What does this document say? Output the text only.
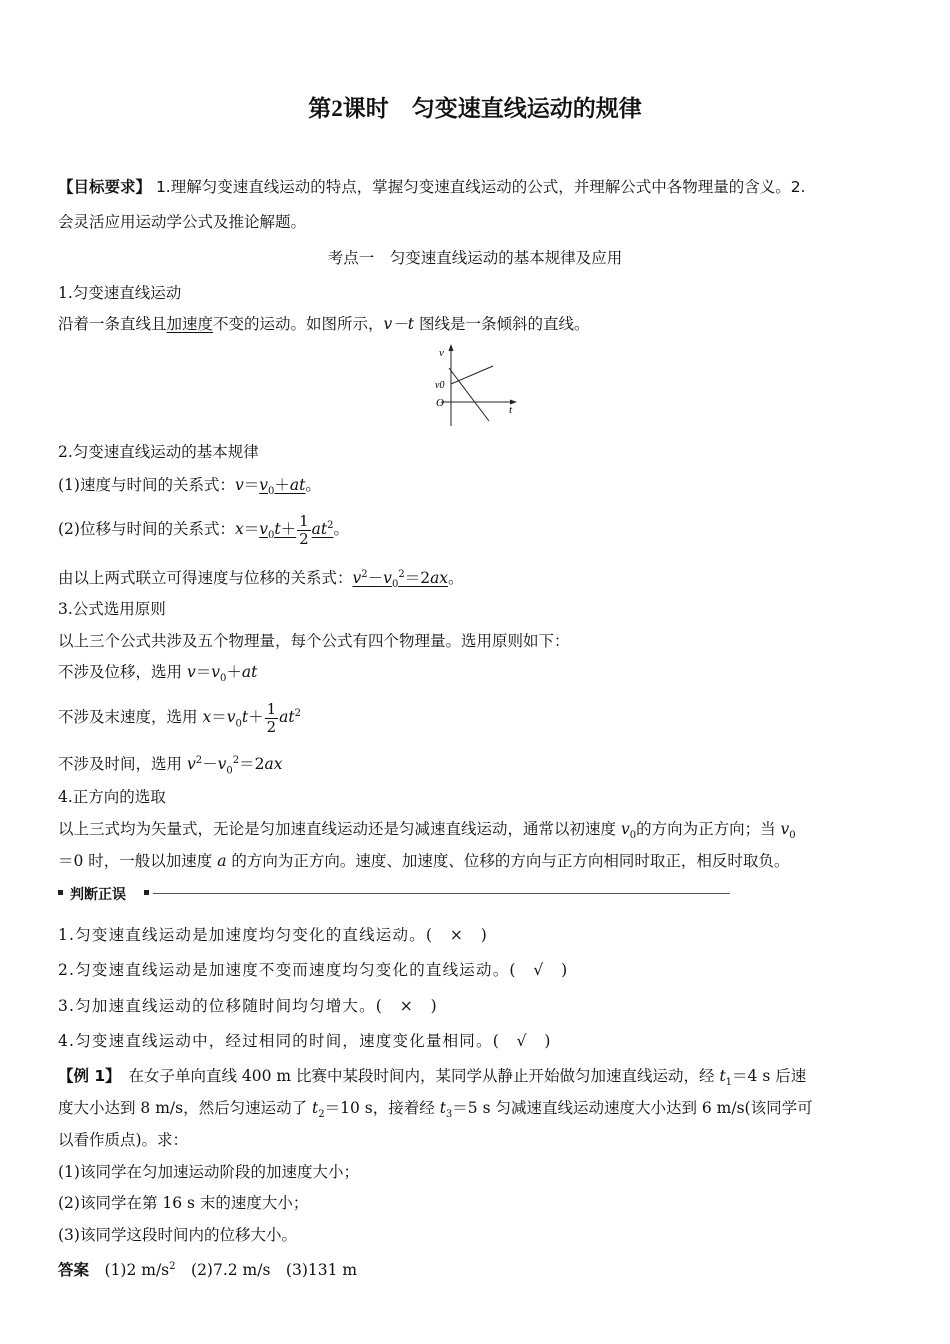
第2课时　匀变速直线运动的规律
【目标要求】 1.理解匀变速直线运动的特点，掌握匀变速直线运动的公式，并理解公式中各物理量的含义。2.
会灵活应用运动学公式及推论解题。
考点一　匀变速直线运动的基本规律及应用
1.匀变速直线运动
沿着一条直线且加速度不变的运动。如图所示，v－t 图线是一条倾斜的直线。
v
v0
O
t
2.匀变速直线运动的基本规律
(1)速度与时间的关系式：$v=v_0+at$。
(2)位移与时间的关系式：$x=v_0t+ \frac{1}{2} at^2$。
由以上两式联立可得速度与位移的关系式：$v^2-v_0^2=2ax$。
3.公式选用原则
以上三个公式共涉及五个物理量，每个公式有四个物理量。选用原则如下：
不涉及位移，选用 $v=v_0+at$
不涉及末速度，选用 $x=v_0t+ \frac{1}{2} at^2$
不涉及时间，选用 $v^2-v_0^2=2ax$
4.正方向的选取
以上三式均为矢量式，无论是匀加速直线运动还是匀减速直线运动，通常以初速度 $v_0$的方向为正方向；当 $v_0$
＝0 时，一般以加速度 a 的方向为正方向。速度、加速度、位移的方向与正方向相同时取正，相反时取负。
判断正误
1.匀变速直线运动是加速度均匀变化的直线运动。(　×　)
2.匀变速直线运动是加速度不变而速度均匀变化的直线运动。(　√　)
3.匀加速直线运动的位移随时间均匀增大。(　×　)
4.匀变速直线运动中，经过相同的时间，速度变化量相同。(　√　)
【例 1】　在女子单向直线 400 m 比赛中某段时间内，某同学从静止开始做匀加速直线运动，经 $t_1=4$ s 后速
度大小达到 8 m/s，然后匀速运动了 $t_2=10$ s，接着经 $t_3=5$ s 匀减速直线运动速度大小达到 6 m/s(该同学可
以看作质点)。求：
(1)该同学在匀加速运动阶段的加速度大小；
(2)该同学在第 16 s 末的速度大小；
(3)该同学这段时间内的位移大小。
答案　(1)2 $m/s^2$　(2)7.2 m/s　(3)131 m
